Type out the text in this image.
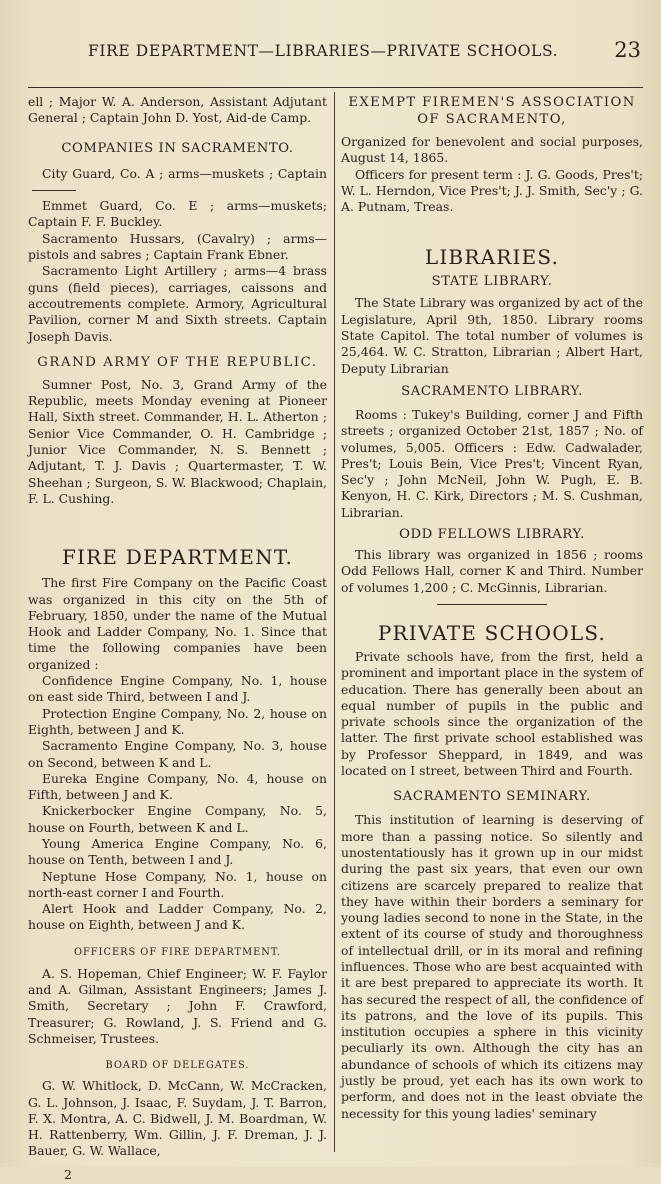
FIRE DEPARTMENT—LIBRARIES—PRIVATE SCHOOLS.	23

ell ; Major W. A. Anderson, Assistant Adjutant General ; Captain John D. Yost, Aid-de Camp.

COMPANIES IN SACRAMENTO.

City Guard, Co. A ; arms—muskets ; Captain

Emmet Guard, Co. E ; arms—muskets; Captain F. F. Buckley.

Sacramento Hussars, (Cavalry) ; arms—pistols and sabres ; Captain Frank Ebner.

Sacramento Light Artillery ; arms—4 brass guns (field pieces), carriages, caissons and accoutrements complete. Armory, Agricultural Pavilion, corner M and Sixth streets. Captain Joseph Davis.

GRAND ARMY OF THE REPUBLIC.

Sumner Post, No. 3, Grand Army of the Republic, meets Monday evening at Pioneer Hall, Sixth street. Commander, H. L. Atherton ; Senior Vice Commander, O. H. Cambridge ; Junior Vice Commander, N. S. Bennett ; Adjutant, T. J. Davis ; Quartermaster, T. W. Sheehan ; Surgeon, S. W. Blackwood; Chaplain, F. L. Cushing.

FIRE DEPARTMENT.

The first Fire Company on the Pacific Coast was organized in this city on the 5th of February, 1850, under the name of the Mutual Hook and Ladder Company, No. 1. Since that time the following companies have been organized :

Confidence Engine Company, No. 1, house on east side Third, between I and J.

Protection Engine Company, No. 2, house on Eighth, between J and K.

Sacramento Engine Company, No. 3, house on Second, between K and L.

Eureka Engine Company, No. 4, house on Fifth, between J and K.

Knickerbocker Engine Company, No. 5, house on Fourth, between K and L.

Young America Engine Company, No. 6, house on Tenth, between I and J.

Neptune Hose Company, No. 1, house on north-east corner I and Fourth.

Alert Hook and Ladder Company, No. 2, house on Eighth, between J and K.

OFFICERS OF FIRE DEPARTMENT.

A. S. Hopeman, Chief Engineer; W. F. Faylor and A. Gilman, Assistant Engineers; James J. Smith, Secretary ; John F. Crawford, Treasurer; G. Rowland, J. S. Friend and G. Schmeiser, Trustees.

BOARD OF DELEGATES.

G. W. Whitlock, D. McCann, W. McCracken, G. L. Johnson, J. Isaac, F. Suydam, J. T. Barron, F. X. Montra, A. C. Bidwell, J. M. Boardman, W. H. Rattenberry, Wm. Gillin, J. F. Dreman, J. J. Bauer, G. W. Wallace,

2
EXEMPT FIREMEN'S ASSOCIATION
OF SACRAMENTO,

Organized for benevolent and social purposes, August 14, 1865.

Officers for present term : J. G. Goods, Pres't; W. L. Herndon, Vice Pres't; J. J. Smith, Sec'y ; G. A. Putnam, Treas.

LIBRARIES.
STATE LIBRARY.

The State Library was organized by act of the Legislature, April 9th, 1850. Library rooms State Capitol. The total number of volumes is 25,464. W. C. Stratton, Librarian ; Albert Hart, Deputy Librarian

SACRAMENTO LIBRARY.

Rooms : Tukey's Building, corner J and Fifth streets ; organized October 21st, 1857 ; No. of volumes, 5,005. Officers : Edw. Cadwalader, Pres't; Louis Bein, Vice Pres't; Vincent Ryan, Sec'y ; John McNeil, John W. Pugh, E. B. Kenyon, H. C. Kirk, Directors ; M. S. Cushman, Librarian.

ODD FELLOWS LIBRARY.

This library was organized in 1856 ; rooms Odd Fellows Hall, corner K and Third. Number of volumes 1,200 ; C. McGinnis, Librarian.

PRIVATE SCHOOLS.

Private schools have, from the first, held a prominent and important place in the system of education. There has generally been about an equal number of pupils in the public and private schools since the organization of the latter. The first private school established was by Professor Sheppard, in 1849, and was located on I street, between Third and Fourth.

SACRAMENTO SEMINARY.

This institution of learning is deserving of more than a passing notice. So silently and unostentatiously has it grown up in our midst during the past six years, that even our own citizens are scarcely prepared to realize that they have within their borders a seminary for young ladies second to none in the State, in the extent of its course of study and thoroughness of intellectual drill, or in its moral and refining influences. Those who are best acquainted with it are best prepared to appreciate its worth. It has secured the respect of all, the confidence of its patrons, and the love of its pupils. This institution occupies a sphere in this vicinity peculiarly its own. Although the city has an abundance of schools of which its citizens may justly be proud, yet each has its own work to perform, and does not in the least obviate the necessity for this young ladies' seminary
